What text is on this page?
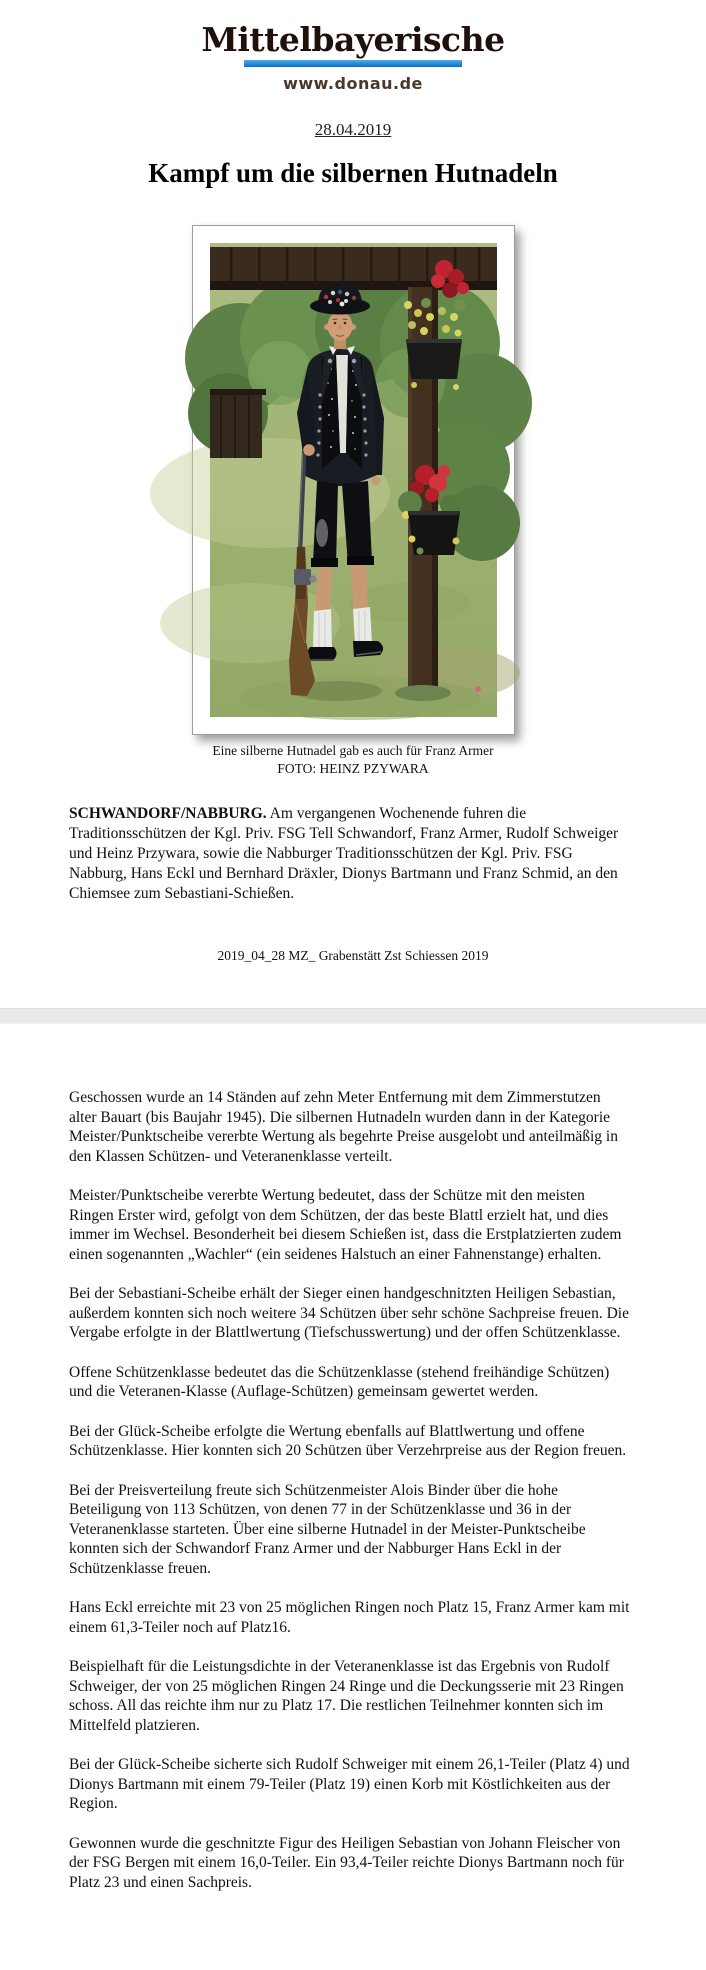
Mittelbayerische
ZEITUNG
www.donau.de
28.04.2019
Kampf um die silbernen Hutnadeln
Eine silberne Hutnadel gab es auch für Franz Armer
FOTO: HEINZ PZYWARA

SCHWANDORF/NABBURG. Am vergangenen Wochenende fuhren die Traditionsschützen der Kgl. Priv. FSG Tell Schwandorf, Franz Armer, Rudolf Schweiger und Heinz Przywara, sowie die Nabburger Traditionsschützen der Kgl. Priv. FSG Nabburg, Hans Eckl und Bernhard Dräxler, Dionys Bartmann und Franz Schmid, an den Chiemsee zum Sebastiani-Schießen.

2019_04_28 MZ_ Grabenstätt Zst Schiessen 2019

Geschossen wurde an 14 Ständen auf zehn Meter Entfernung mit dem Zimmerstutzen alter Bauart (bis Baujahr 1945). Die silbernen Hutnadeln wurden dann in der Kategorie Meister/Punktscheibe vererbte Wertung als begehrte Preise ausgelobt und anteilmäßig in den Klassen Schützen- und Veteranenklasse verteilt.

Meister/Punktscheibe vererbte Wertung bedeutet, dass der Schütze mit den meisten Ringen Erster wird, gefolgt von dem Schützen, der das beste Blattl erzielt hat, und dies immer im Wechsel. Besonderheit bei diesem Schießen ist, dass die Erstplatzierten zudem einen sogenannten „Wachler“ (ein seidenes Halstuch an einer Fahnenstange) erhalten.

Bei der Sebastiani-Scheibe erhält der Sieger einen handgeschnitzten Heiligen Sebastian, außerdem konnten sich noch weitere 34 Schützen über sehr schöne Sachpreise freuen. Die Vergabe erfolgte in der Blattlwertung (Tiefschusswertung) und der offen Schützenklasse.

Offene Schützenklasse bedeutet das die Schützenklasse (stehend freihändige Schützen) und die Veteranen-Klasse (Auflage-Schützen) gemeinsam gewertet werden.

Bei der Glück-Scheibe erfolgte die Wertung ebenfalls auf Blattlwertung und offene Schützenklasse. Hier konnten sich 20 Schützen über Verzehrpreise aus der Region freuen.

Bei der Preisverteilung freute sich Schützenmeister Alois Binder über die hohe Beteiligung von 113 Schützen, von denen 77 in der Schützenklasse und 36 in der Veteranenklasse starteten. Über eine silberne Hutnadel in der Meister-Punktscheibe konnten sich der Schwandorf Franz Armer und der Nabburger Hans Eckl in der Schützenklasse freuen.

Hans Eckl erreichte mit 23 von 25 möglichen Ringen noch Platz 15, Franz Armer kam mit einem 61,3-Teiler noch auf Platz16.

Beispielhaft für die Leistungsdichte in der Veteranenklasse ist das Ergebnis von Rudolf Schweiger, der von 25 möglichen Ringen 24 Ringe und die Deckungsserie mit 23 Ringen schoss. All das reichte ihm nur zu Platz 17. Die restlichen Teilnehmer konnten sich im Mittelfeld platzieren.

Bei der Glück-Scheibe sicherte sich Rudolf Schweiger mit einem 26,1-Teiler (Platz 4) und Dionys Bartmann mit einem 79-Teiler (Platz 19) einen Korb mit Köstlichkeiten aus der Region.

Gewonnen wurde die geschnitzte Figur des Heiligen Sebastian von Johann Fleischer von der FSG Bergen mit einem 16,0-Teiler. Ein 93,4-Teiler reichte Dionys Bartmann noch für Platz 23 und einen Sachpreis.
